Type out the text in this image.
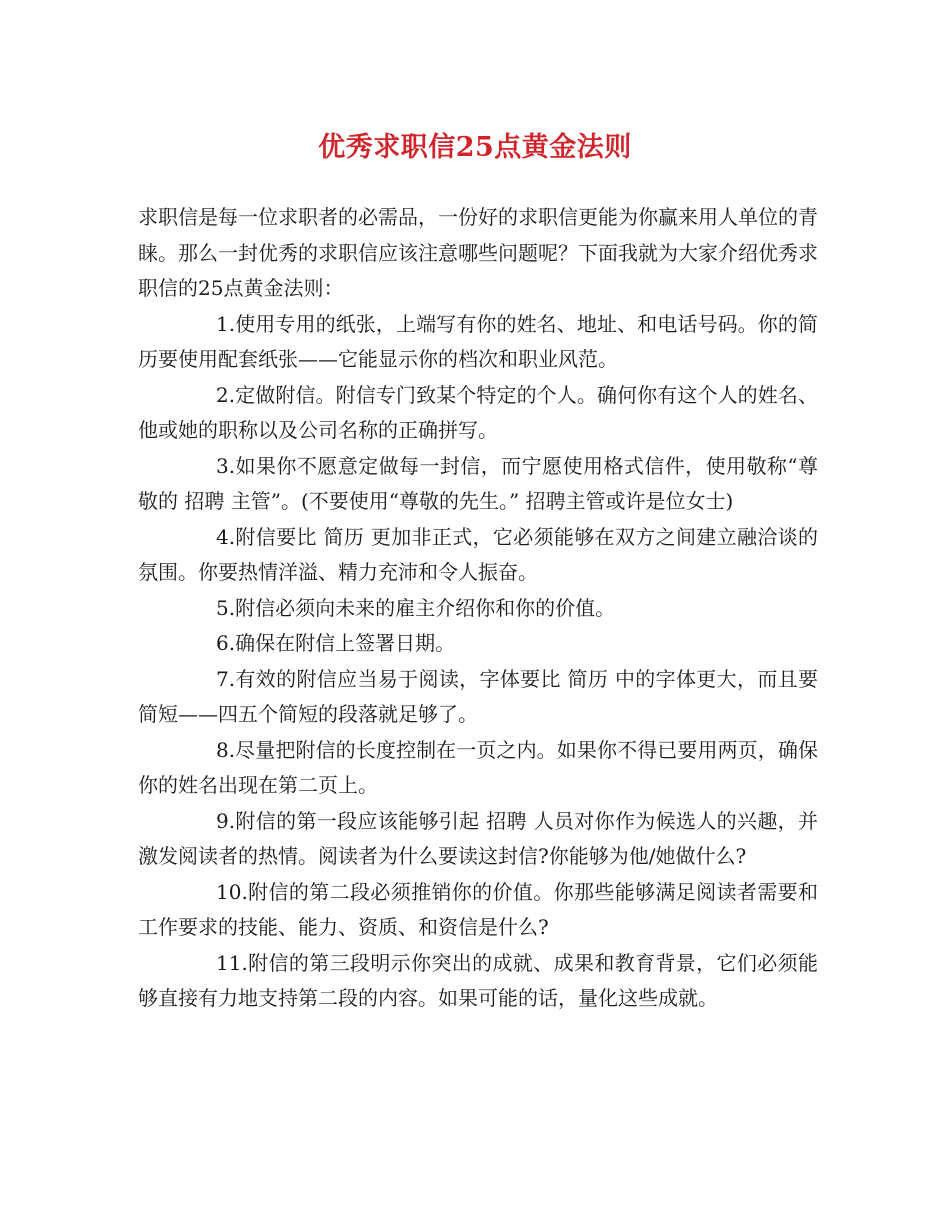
优秀求职信25点黄金法则

求职信是每一位求职者的必需品，一份好的求职信更能为你赢来用人单位的青睐。那么一封优秀的求职信应该注意哪些问题呢？下面我就为大家介绍优秀求职信的25点黄金法则：

1.使用专用的纸张，上端写有你的姓名、地址、和电话号码。你的简历要使用配套纸张——它能显示你的档次和职业风范。

2.定做附信。附信专门致某个特定的个人。确何你有这个人的姓名、他或她的职称以及公司名称的正确拼写。

3.如果你不愿意定做每一封信，而宁愿使用格式信件，使用敬称“尊敬的 招聘 主管”。(不要使用“尊敬的先生。” 招聘主管或许是位女士)

4.附信要比 简历 更加非正式，它必须能够在双方之间建立融洽谈的氛围。你要热情洋溢、精力充沛和令人振奋。

5.附信必须向未来的雇主介绍你和你的价值。

6.确保在附信上签署日期。

7.有效的附信应当易于阅读，字体要比 简历 中的字体更大，而且要简短——四五个简短的段落就足够了。

8.尽量把附信的长度控制在一页之内。如果你不得已要用两页，确保你的姓名出现在第二页上。

9.附信的第一段应该能够引起 招聘 人员对你作为候选人的兴趣，并激发阅读者的热情。阅读者为什么要读这封信?你能够为他/她做什么?

10.附信的第二段必须推销你的价值。你那些能够满足阅读者需要和工作要求的技能、能力、资质、和资信是什么?

11.附信的第三段明示你突出的成就、成果和教育背景，它们必须能够直接有力地支持第二段的内容。如果可能的话，量化这些成就。
